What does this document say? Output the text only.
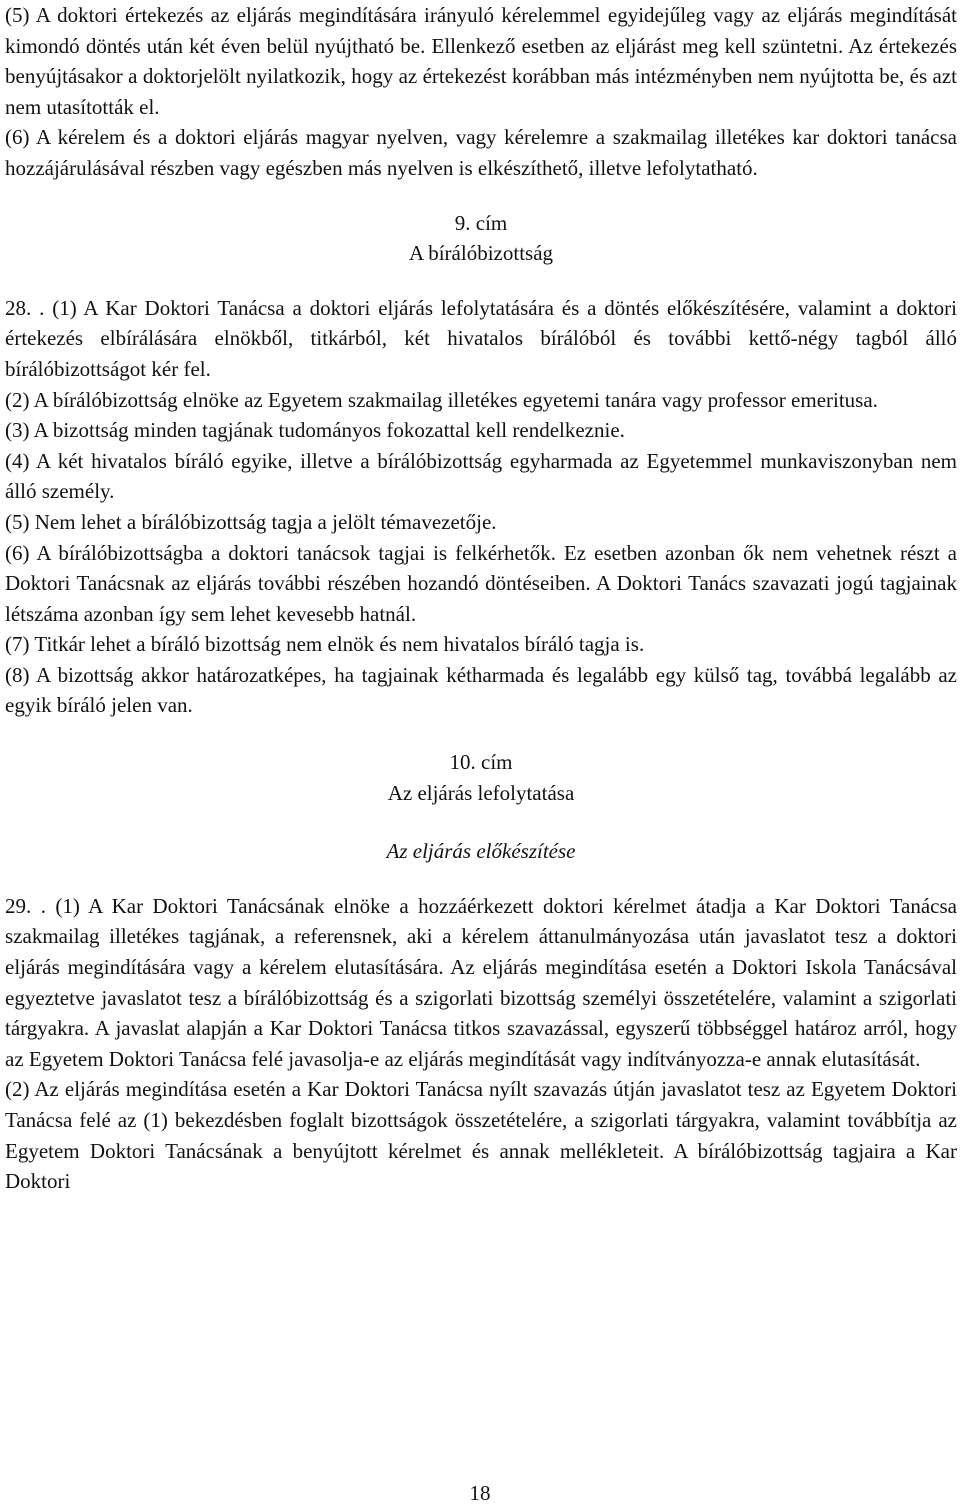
(5) A doktori értekezés az eljárás megindítására irányuló kérelemmel egyidejűleg vagy az eljárás megindítását kimondó döntés után két éven belül nyújtható be. Ellenkező esetben az eljárást meg kell szüntetni. Az értekezés benyújtásakor a doktorjelölt nyilatkozik, hogy az értekezést korábban más intézményben nem nyújtotta be, és azt nem utasították el.

(6) A kérelem és a doktori eljárás magyar nyelven, vagy kérelemre a szakmailag illetékes kar doktori tanácsa hozzájárulásával részben vagy egészben más nyelven is elkészíthető, illetve lefolytatható.

9. cím

A bírálóbizottság

28. . (1) A Kar Doktori Tanácsa a doktori eljárás lefolytatására és a döntés előkészítésére, valamint a doktori értekezés elbírálására elnökből, titkárból, két hivatalos bírálóból és további kettő-négy tagból álló bírálóbizottságot kér fel.

(2) A bírálóbizottság elnöke az Egyetem szakmailag illetékes egyetemi tanára vagy professor emeritusa.

(3) A bizottság minden tagjának tudományos fokozattal kell rendelkeznie.

(4) A két hivatalos bíráló egyike, illetve a bírálóbizottság egyharmada az Egyetemmel munkaviszonyban nem álló személy.

(5) Nem lehet a bírálóbizottság tagja a jelölt témavezetője.

(6) A bírálóbizottságba a doktori tanácsok tagjai is felkérhetők. Ez esetben azonban ők nem vehetnek részt a Doktori Tanácsnak az eljárás további részében hozandó döntéseiben. A Doktori Tanács szavazati jogú tagjainak létszáma azonban így sem lehet kevesebb hatnál.

(7) Titkár lehet a bíráló bizottság nem elnök és nem hivatalos bíráló tagja is.

(8) A bizottság akkor határozatképes, ha tagjainak kétharmada és legalább egy külső tag, továbbá legalább az egyik bíráló jelen van.

10. cím

Az eljárás lefolytatása

Az eljárás előkészítése

29. . (1) A Kar Doktori Tanácsának elnöke a hozzáérkezett doktori kérelmet átadja a Kar Doktori Tanácsa szakmailag illetékes tagjának, a referensnek, aki a kérelem áttanulmányozása után javaslatot tesz a doktori eljárás megindítására vagy a kérelem elutasítására. Az eljárás megindítása esetén a Doktori Iskola Tanácsával egyeztetve javaslatot tesz a bírálóbizottság és a szigorlati bizottság személyi összetételére, valamint a szigorlati tárgyakra. A javaslat alapján a Kar Doktori Tanácsa titkos szavazással, egyszerű többséggel határoz arról, hogy az Egyetem Doktori Tanácsa felé javasolja-e az eljárás megindítását vagy indítványozza-e annak elutasítását.

(2) Az eljárás megindítása esetén a Kar Doktori Tanácsa nyílt szavazás útján javaslatot tesz az Egyetem Doktori Tanácsa felé az (1) bekezdésben foglalt bizottságok összetételére, a szigorlati tárgyakra, valamint továbbítja az Egyetem Doktori Tanácsának a benyújtott kérelmet és annak mellékleteit. A bírálóbizottság tagjaira a Kar Doktori

18
